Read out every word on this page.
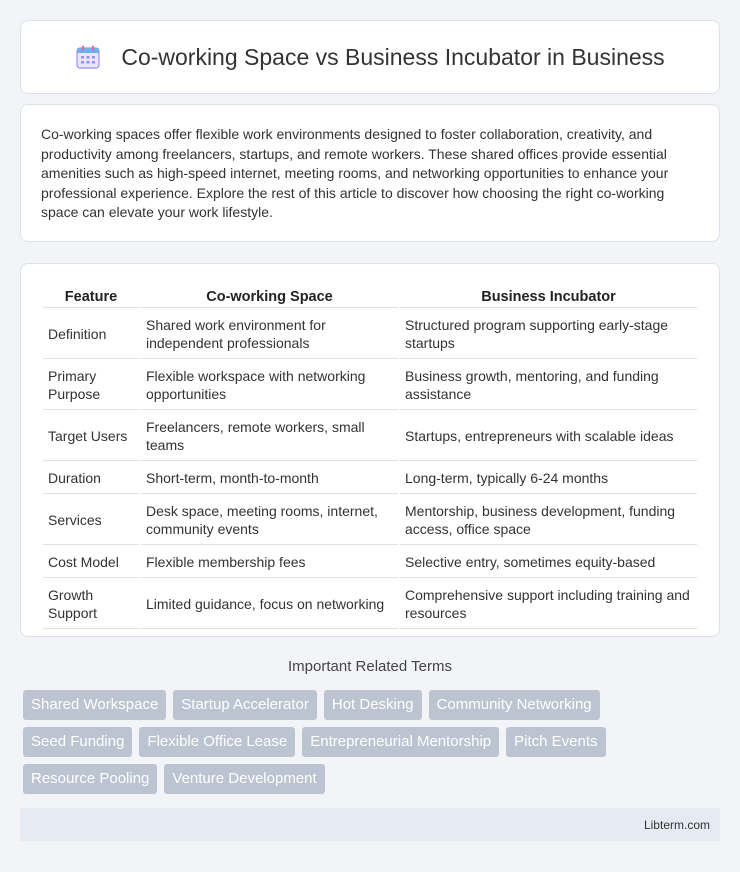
Co-working Space vs Business Incubator in Business

Co-working spaces offer flexible work environments designed to foster collaboration, creativity, and productivity among freelancers, startups, and remote workers. These shared offices provide essential amenities such as high-speed internet, meeting rooms, and networking opportunities to enhance your professional experience. Explore the rest of this article to discover how choosing the right co-working space can elevate your work lifestyle.

Feature	Co-working Space	Business Incubator
Definition	Shared work environment for independent professionals	Structured program supporting early-stage startups
Primary Purpose	Flexible workspace with networking opportunities	Business growth, mentoring, and funding assistance
Target Users	Freelancers, remote workers, small teams	Startups, entrepreneurs with scalable ideas
Duration	Short-term, month-to-month	Long-term, typically 6-24 months
Services	Desk space, meeting rooms, internet, community events	Mentorship, business development, funding access, office space
Cost Model	Flexible membership fees	Selective entry, sometimes equity-based
Growth Support	Limited guidance, focus on networking	Comprehensive support including training and resources
Important Related Terms
Shared Workspace	Startup Accelerator	Hot Desking	Community Networking
Seed Funding	Flexible Office Lease	Entrepreneurial Mentorship	Pitch Events
Resource Pooling	Venture Development
Libterm.com
